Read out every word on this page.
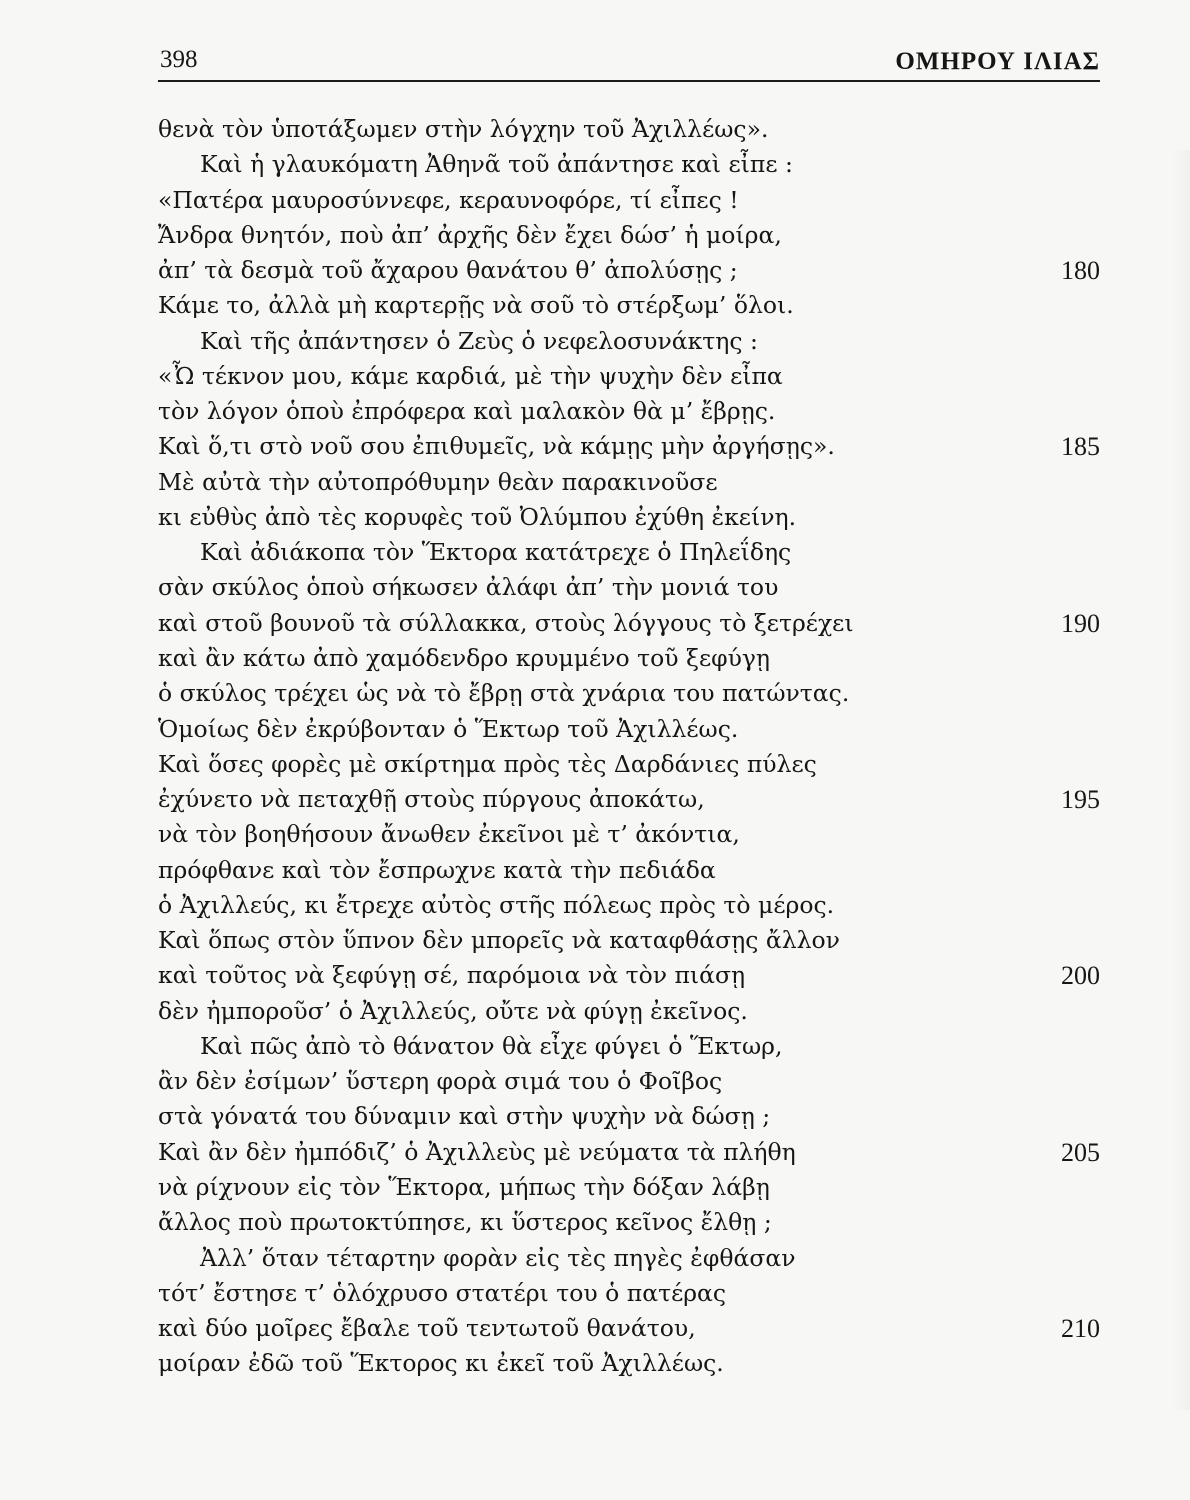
398	ΟΜΗΡΟΥ ΙΛΙΑΣ
θενὰ τὸν ὑποτάξωμεν στὴν λόγχην τοῦ Ἀχιλλέως».
Καὶ ἡ γλαυκόματη Ἀθηνᾶ τοῦ ἀπάντησε καὶ εἶπε :
«Πατέρα μαυροσύννεφε, κεραυνοφόρε, τί εἶπες !
Ἄνδρα θνητόν, ποὺ ἀπ’ ἀρχῆς δὲν ἔχει δώσ’ ἡ μοίρα,
ἀπ’ τὰ δεσμὰ τοῦ ἄχαρου θανάτου θ’ ἀπολύσῃς ;	180
Κάμε το, ἀλλὰ μὴ καρτερῇς νὰ σοῦ τὸ στέρξωμ’ ὅλοι.
Καὶ τῆς ἀπάντησεν ὁ Ζεὺς ὁ νεφελοσυνάκτης :
«Ὦ τέκνον μου, κάμε καρδιά, μὲ τὴν ψυχὴν δὲν εἶπα
τὸν λόγον ὁποὺ ἐπρόφερα καὶ μαλακὸν θὰ μ’ ἔβρῃς.
Καὶ ὅ,τι στὸ νοῦ σου ἐπιθυμεῖς, νὰ κάμῃς μὴν ἀργήσῃς».	185
Μὲ αὐτὰ τὴν αὐτοπρόθυμην θεὰν παρακινοῦσε
κι εὐθὺς ἀπὸ τὲς κορυφὲς τοῦ Ὀλύμπου ἐχύθη ἐκείνη.
Καὶ ἀδιάκοπα τὸν Ἕκτορα κατάτρεχε ὁ Πηλεΐδης
σὰν σκύλος ὁποὺ σήκωσεν ἀλάφι ἀπ’ τὴν μονιά του
καὶ στοῦ βουνοῦ τὰ σύλλακκα, στοὺς λόγγους τὸ ξετρέχει	190
καὶ ἂν κάτω ἀπὸ χαμόδενδρο κρυμμένο τοῦ ξεφύγῃ
ὁ σκύλος τρέχει ὡς νὰ τὸ ἔβρῃ στὰ χνάρια του πατώντας.
Ὁμοίως δὲν ἐκρύβονταν ὁ Ἕκτωρ τοῦ Ἀχιλλέως.
Καὶ ὅσες φορὲς μὲ σκίρτημα πρὸς τὲς Δαρδάνιες πύλες
ἐχύνετο νὰ πεταχθῇ στοὺς πύργους ἀποκάτω,	195
νὰ τὸν βοηθήσουν ἄνωθεν ἐκεῖνοι μὲ τ’ ἀκόντια,
πρόφθανε καὶ τὸν ἔσπρωχνε κατὰ τὴν πεδιάδα
ὁ Ἀχιλλεύς, κι ἔτρεχε αὐτὸς στῆς πόλεως πρὸς τὸ μέρος.
Καὶ ὅπως στὸν ὕπνον δὲν μπορεῖς νὰ καταφθάσῃς ἄλλον
καὶ τοῦτος νὰ ξεφύγῃ σέ, παρόμοια νὰ τὸν πιάσῃ	200
δὲν ἠμποροῦσ’ ὁ Ἀχιλλεύς, οὔτε νὰ φύγῃ ἐκεῖνος.
Καὶ πῶς ἀπὸ τὸ θάνατον θὰ εἶχε φύγει ὁ Ἕκτωρ,
ἂν δὲν ἐσίμων’ ὕστερη φορὰ σιμά του ὁ Φοῖβος
στὰ γόνατά του δύναμιν καὶ στὴν ψυχὴν νὰ δώσῃ ;
Καὶ ἂν δὲν ἠμπόδιζ’ ὁ Ἀχιλλεὺς μὲ νεύματα τὰ πλήθη	205
νὰ ρίχνουν εἰς τὸν Ἕκτορα, μήπως τὴν δόξαν λάβῃ
ἄλλος ποὺ πρωτοκτύπησε, κι ὕστερος κεῖνος ἔλθῃ ;
Ἀλλ’ ὅταν τέταρτην φορὰν εἰς τὲς πηγὲς ἐφθάσαν
τότ’ ἔστησε τ’ ὁλόχρυσο στατέρι του ὁ πατέρας
καὶ δύο μοῖρες ἔβαλε τοῦ τεντωτοῦ θανάτου,	210
μοίραν ἐδῶ τοῦ Ἕκτορος κι ἐκεῖ τοῦ Ἀχιλλέως.
